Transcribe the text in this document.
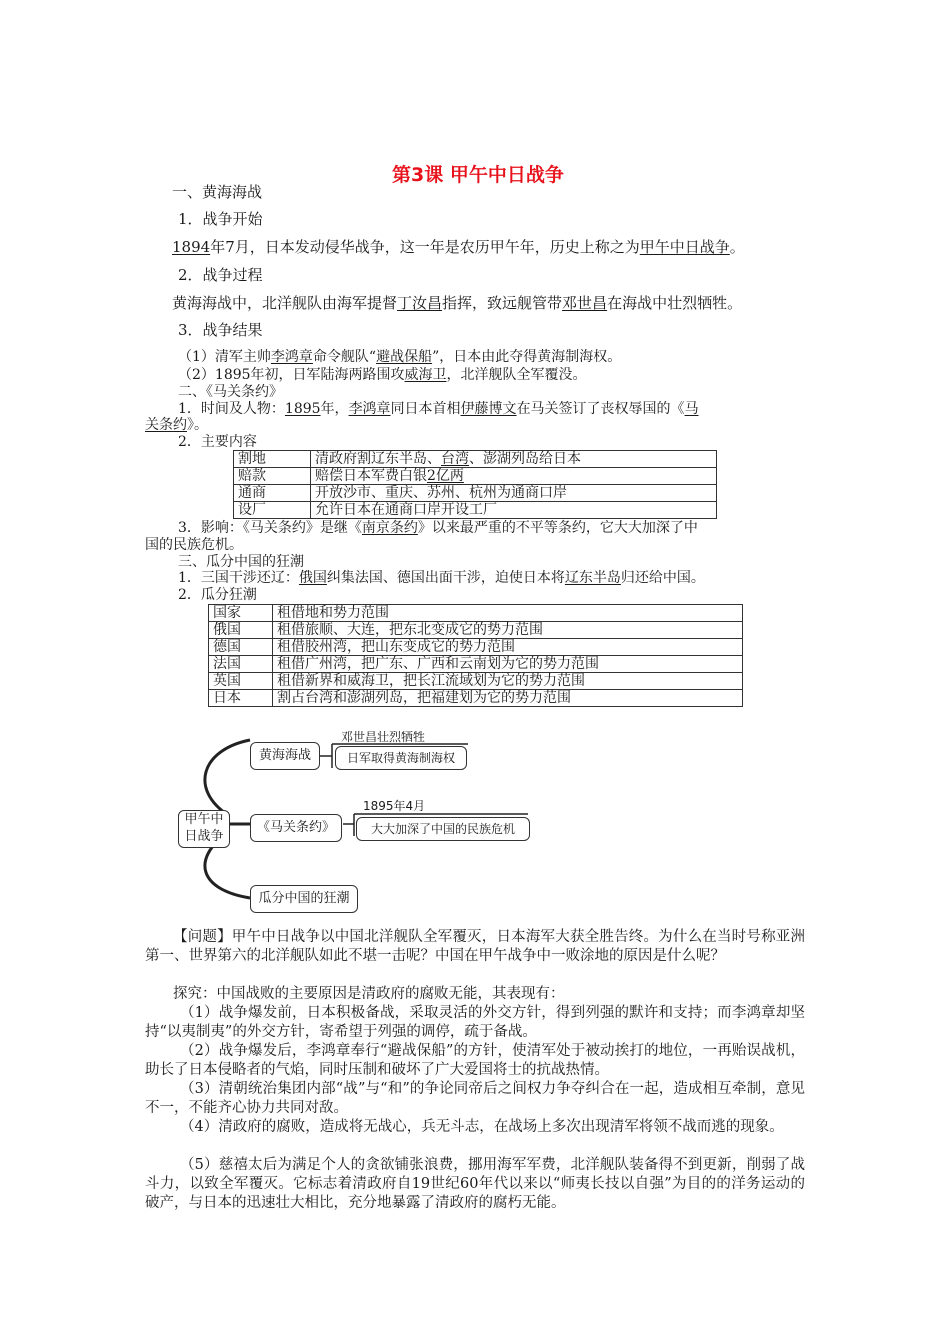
第3课 甲午中日战争
一、黄海海战
1．战争开始
1894年7月，日本发动侵华战争，这一年是农历甲午年，历史上称之为甲午中日战争。
2．战争过程
黄海海战中，北洋舰队由海军提督丁汝昌指挥，致远舰管带邓世昌在海战中壮烈牺牲。
3．战争结果
（1）清军主帅李鸿章命令舰队“避战保船”，日本由此夺得黄海制海权。
（2）1895年初，日军陆海两路围攻威海卫，北洋舰队全军覆没。
二、《马关条约》
1．时间及人物：1895年，李鸿章同日本首相伊藤博文在马关签订了丧权辱国的《马
关条约》。
2．主要内容
割地	清政府割辽东半岛、台湾、澎湖列岛给日本
赔款	赔偿日本军费白银2亿两
通商	开放沙市、重庆、苏州、杭州为通商口岸
设厂	允许日本在通商口岸开设工厂
3．影响：《马关条约》是继《南京条约》以来最严重的不平等条约，它大大加深了中
国的民族危机。
三、瓜分中国的狂潮
1．三国干涉还辽：俄国纠集法国、德国出面干涉，迫使日本将辽东半岛归还给中国。
2．瓜分狂潮
国家	租借地和势力范围
俄国	租借旅顺、大连，把东北变成它的势力范围
德国	租借胶州湾，把山东变成它的势力范围
法国	租借广州湾，把广东、广西和云南划为它的势力范围
英国	租借新界和威海卫，把长江流域划为它的势力范围
日本	割占台湾和澎湖列岛，把福建划为它的势力范围
甲午中
日战争
黄海海战
邓世昌壮烈牺牲
日军取得黄海制海权
《马关条约》
1895年4月
大大加深了中国的民族危机
瓜分中国的狂潮
【问题】甲午中日战争以中国北洋舰队全军覆灭，日本海军大获全胜告终。为什么在当时号称亚洲第一、世界第六的北洋舰队如此不堪一击呢？中国在甲午战争中一败涂地的原因是什么呢？
探究：中国战败的主要原因是清政府的腐败无能，其表现有：
（1）战争爆发前，日本积极备战，采取灵活的外交方针，得到列强的默许和支持；而李鸿章却坚持“以夷制夷”的外交方针，寄希望于列强的调停，疏于备战。
（2）战争爆发后，李鸿章奉行“避战保船”的方针，使清军处于被动挨打的地位，一再贻误战机，助长了日本侵略者的气焰，同时压制和破坏了广大爱国将士的抗战热情。
（3）清朝统治集团内部“战”与“和”的争论同帝后之间权力争夺纠合在一起，造成相互牵制，意见不一，不能齐心协力共同对敌。
（4）清政府的腐败，造成将无战心，兵无斗志，在战场上多次出现清军将领不战而逃的现象。
（5）慈禧太后为满足个人的贪欲铺张浪费，挪用海军军费，北洋舰队装备得不到更新，削弱了战斗力，以致全军覆灭。它标志着清政府自19世纪60年代以来以“师夷长技以自强”为目的的洋务运动的破产，与日本的迅速壮大相比，充分地暴露了清政府的腐朽无能。
